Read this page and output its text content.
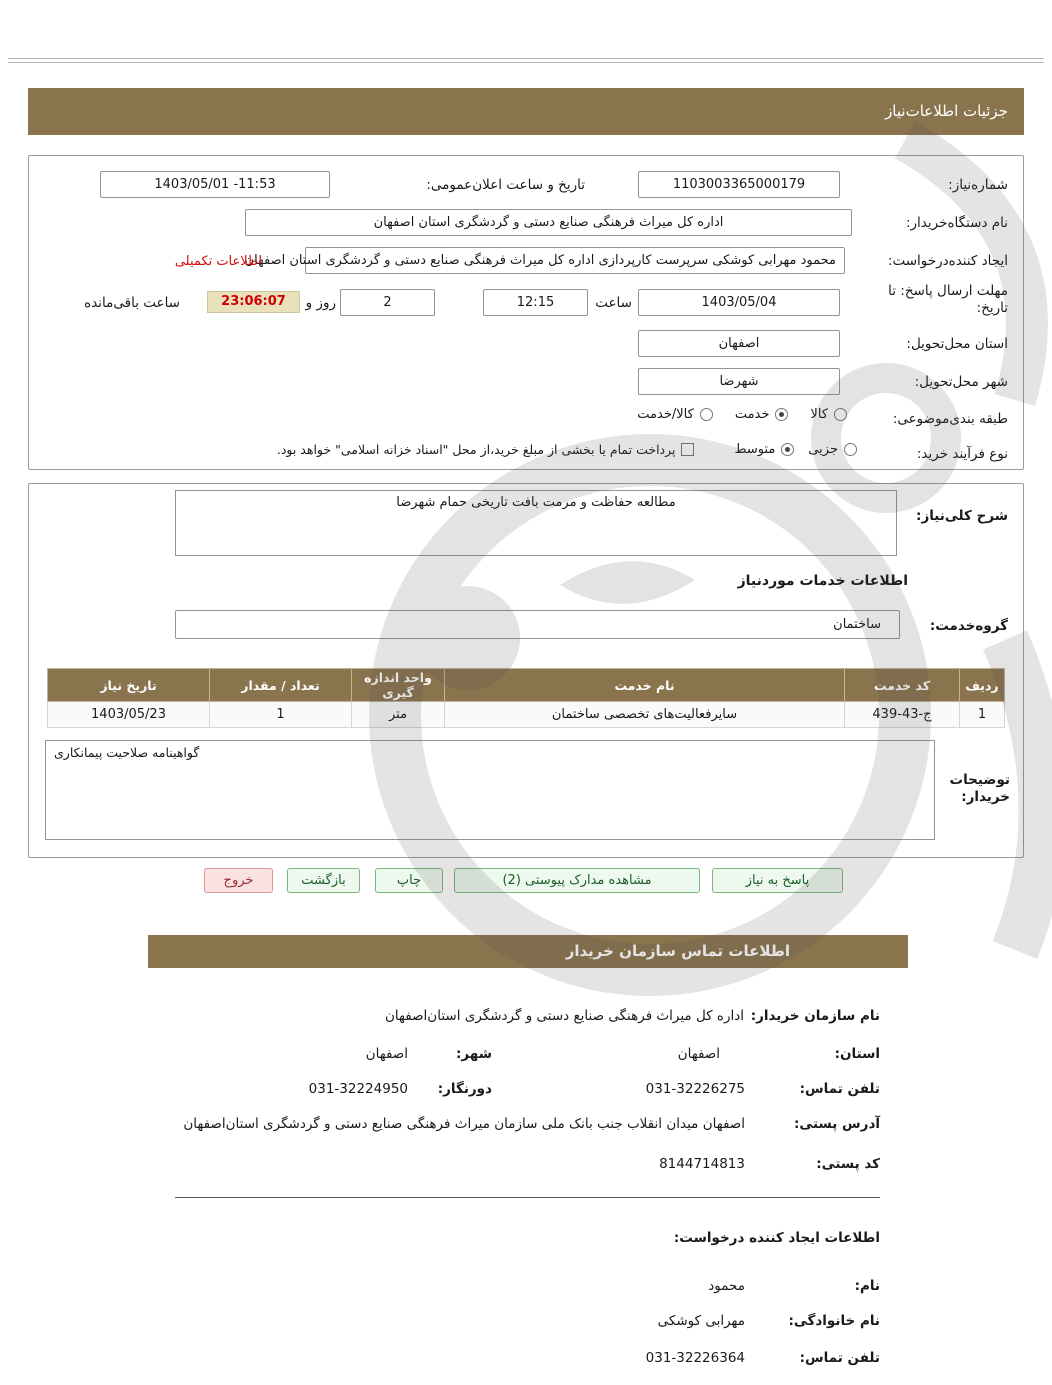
جزئیات اطلاعات‌نیاز
شماره‌نیاز:
1103003365000179
تاریخ و ساعت اعلان‌عمومی:
1403/05/01 -11:53
نام دستگاه‌خریدار:
اداره کل میراث فرهنگی صنایع دستی و گردشگری استان اصفهان
ایجاد کننده‌درخواست:
محمود مهرابی کوشکی سرپرست کارپردازی اداره کل میراث فرهنگی صنایع دستی و گردشگری استان اصفهان
اطلاعات تکمیلی
مهلت ارسال پاسخ: تا
تاریخ:
1403/05/04
ساعت
12:15
2
روز و
23:06:07
ساعت باقی‌مانده
استان محل‌تحویل:
اصفهان
شهر محل‌تحویل:
شهرضا
طبقه بندی‌موضوعی:
کالا
خدمت
کالا/خدمت
نوع فرآیند خرید:
جزیی
متوسط
پرداخت تمام یا بخشی از مبلغ خرید،از محل "اسناد خزانه اسلامی" خواهد بود.
شرح کلی‌نیاز:
مطالعه حفاظت و مرمت بافت تاریخی حمام شهرضا
اطلاعات خدمات موردنیاز
گروه‌خدمت:
ساختمان
ردیف	کد خدمت	نام خدمت	واحد اندازه گیری	تعداد / مقدار	تاریخ نیاز
1	ج-43-439	سایرفعالیت‌های تخصصی ساختمان	متر	1	1403/05/23
توضیحات
خریدار:
گواهینامه صلاحیت پیمانکاری
پاسخ به نیاز
مشاهده مدارک پیوستی (2)
چاپ
بازگشت
خروج
اطلاعات تماس سازمان خریدار
نام سازمان خریدار:
اداره کل میراث فرهنگی صنایع دستی و گردشگری استان‌اصفهان
استان:
اصفهان
شهر:
اصفهان
تلفن تماس:
031-32226275
دورنگار:
031-32224950
آدرس پستی:
اصفهان میدان انقلاب جنب بانک ملی سازمان میراث فرهنگی صنایع دستی و گردشگری استان‌اصفهان
کد پستی:
8144714813
اطلاعات ایجاد کننده درخواست:
نام:
محمود
نام خانوادگی:
مهرابی کوشکی
تلفن تماس:
031-32226364
